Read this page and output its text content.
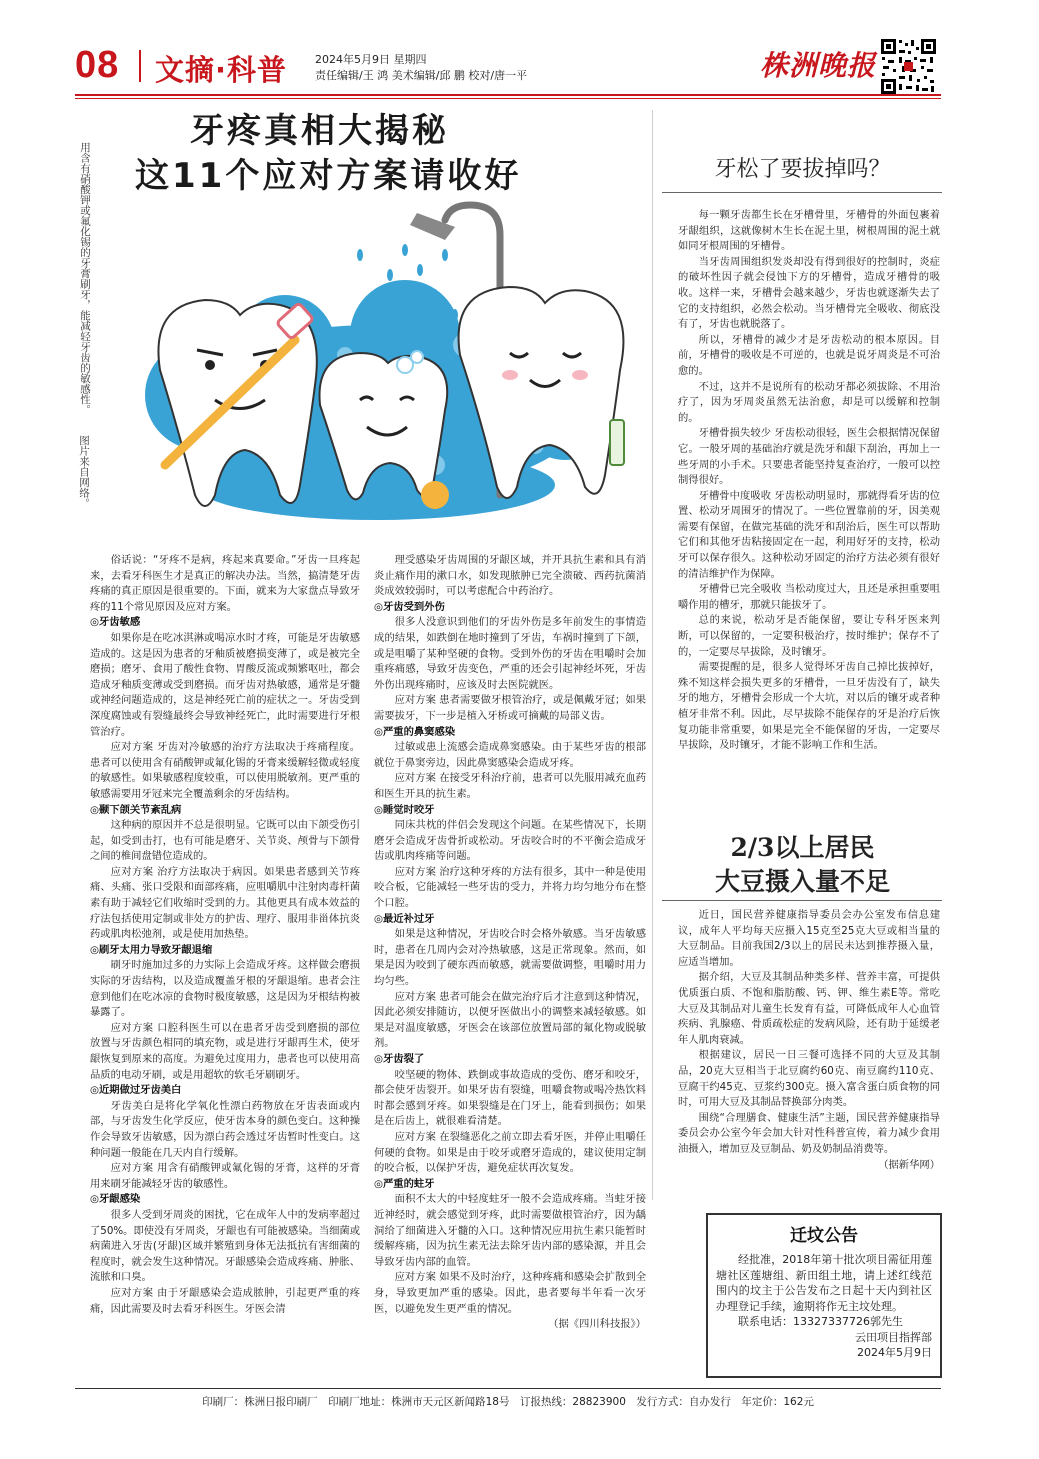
08 文摘·科普	2024年5月9日 星期四
责任编辑/王 鸿 美术编辑/邱 鹏 校对/唐一平	株洲晚报
牙疼真相大揭秘
这11个应对方案请收好
用含有硝酸钾或氟化锡的牙膏刷牙，能减轻牙齿的敏感性。
图片来自网络。

俗话说：“牙疼不是病，疼起来真要命。”牙齿一旦疼起来，去看牙科医生才是真正的解决办法。当然，搞清楚牙齿疼痛的真正原因是很重要的。下面，就来为大家盘点导致牙疼的11个常见原因及应对方案。

◎牙齿敏感

如果你是在吃冰淇淋或喝凉水时才疼，可能是牙齿敏感造成的。这是因为患者的牙釉质被磨损变薄了，或是被完全磨损；磨牙、食用了酸性食物、胃酸反流或频繁呕吐，都会造成牙釉质变薄或受到磨损。而牙齿对热敏感，通常是牙髓或神经问题造成的，这是神经死亡前的症状之一。牙齿受到深度腐蚀或有裂缝最终会导致神经死亡，此时需要进行牙根管治疗。

应对方案 牙齿对冷敏感的治疗方法取决于疼痛程度。患者可以使用含有硝酸钾或氟化锡的牙膏来缓解轻微或轻度的敏感性。如果敏感程度较重，可以使用脱敏剂。更严重的敏感需要用牙冠来完全覆盖剩余的牙齿结构。

◎颞下颌关节紊乱病

这种病的原因并不总是很明显。它既可以由下颌受伤引起，如受到击打，也有可能是磨牙、关节炎、颅骨与下颌骨之间的椎间盘错位造成的。

应对方案 治疗方法取决于病因。如果患者感到关节疼痛、头痛、张口受限和面部疼痛，应咀嚼肌中注射肉毒杆菌素有助于减轻它们收缩时受到的力。其他更具有成本效益的疗法包括使用定制或非处方的护齿、理疗、服用非甾体抗炎药或肌肉松弛剂，或是使用加热垫。

◎刷牙太用力导致牙龈退缩

刷牙时施加过多的力实际上会造成牙疼。这样做会磨损实际的牙齿结构，以及造成覆盖牙根的牙龈退缩。患者会注意到他们在吃冰凉的食物时极度敏感，这是因为牙根结构被暴露了。

应对方案 口腔科医生可以在患者牙齿受到磨损的部位放置与牙齿颜色相同的填充物，或是进行牙龈再生术，使牙龈恢复到原来的高度。为避免过度用力，患者也可以使用高品质的电动牙刷，或是用超软的软毛牙刷刷牙。

◎近期做过牙齿美白

牙齿美白是将化学氧化性漂白药物放在牙齿表面或内部，与牙齿发生化学反应，使牙齿本身的颜色变白。这种操作会导致牙齿敏感，因为漂白药会透过牙齿暂时性变白。这种问题一般能在几天内自行缓解。

应对方案 用含有硝酸钾或氟化锡的牙膏，这样的牙膏用来刷牙能减轻牙齿的敏感性。

◎牙龈感染

很多人受到牙周炎的困扰，它在成年人中的发病率超过了50%。即使没有牙周炎，牙龈也有可能被感染。当细菌或病菌进入牙齿(牙龈)区域并繁殖到身体无法抵抗有害细菌的程度时，就会发生这种情况。牙龈感染会造成疼痛、肿胀、流脓和口臭。

应对方案 由于牙龈感染会造成脓肿，引起更严重的疼痛，因此需要及时去看牙科医生。牙医会清

理受感染牙齿周围的牙龈区域，并开具抗生素和具有消炎止痛作用的漱口水，如发现脓肿已完全溃破、西药抗菌消炎成效较弱时，可以考虑配合中药治疗。

◎牙齿受到外伤

很多人没意识到他们的牙齿外伤是多年前发生的事情造成的结果，如跌倒在地时撞到了牙齿，车祸时撞到了下颌，或是咀嚼了某种坚硬的食物。受到外伤的牙齿在咀嚼时会加重疼痛感，导致牙齿变色，严重的还会引起神经坏死，牙齿外伤出现疼痛时，应该及时去医院就医。

应对方案 患者需要做牙根管治疗，或是佩戴牙冠；如果需要拔牙，下一步是植入牙桥或可摘戴的局部义齿。

◎严重的鼻窦感染

过敏或患上流感会造成鼻窦感染。由于某些牙齿的根部就位于鼻窦旁边，因此鼻窦感染会造成牙疼。

应对方案 在接受牙科治疗前，患者可以先服用减充血药和医生开具的抗生素。

◎睡觉时咬牙

同床共枕的伴侣会发现这个问题。在某些情况下，长期磨牙会造成牙齿骨折或松动。牙齿咬合时的不平衡会造成牙齿或肌肉疼痛等问题。

应对方案 治疗这种牙疼的方法有很多，其中一种是使用咬合板，它能减轻一些牙齿的受力，并将力均匀地分布在整个口腔。

◎最近补过牙

如果是这种情况，牙齿咬合时会格外敏感。当牙齿敏感时，患者在几周内会对冷热敏感，这是正常现象。然而，如果是因为咬到了硬东西而敏感，就需要做调整，咀嚼时用力均匀些。

应对方案 患者可能会在做完治疗后才注意到这种情况，因此必须安排随访，以便牙医做出小的调整来减轻敏感。如果是对温度敏感，牙医会在该部位放置局部的氟化物或脱敏剂。

◎牙齿裂了

咬坚硬的物体、跌倒或事故造成的受伤、磨牙和咬牙，都会使牙齿裂开。如果牙齿有裂缝，咀嚼食物或喝冷热饮料时都会感到牙疼。如果裂缝是在门牙上，能看到损伤；如果是在后齿上，就很难看清楚。

应对方案 在裂缝恶化之前立即去看牙医，并停止咀嚼任何硬的食物。如果是由于咬牙或磨牙造成的，建议使用定制的咬合板，以保护牙齿，避免症状再次复发。

◎严重的蛀牙

面积不太大的中轻度蛀牙一般不会造成疼痛。当蛀牙接近神经时，就会感觉到牙疼，此时需要做根管治疗，因为龋洞给了细菌进入牙髓的入口。这种情况应用抗生素只能暂时缓解疼痛，因为抗生素无法去除牙齿内部的感染源，并且会导致牙齿内部的血管。

应对方案 如果不及时治疗，这种疼痛和感染会扩散到全身，导致更加严重的感染。因此，患者要每半年看一次牙医，以避免发生更严重的情况。

（据《四川科技报》）

牙松了要拔掉吗？

每一颗牙齿都生长在牙槽骨里，牙槽骨的外面包裹着牙龈组织，这就像树木生长在泥土里，树根周围的泥土就如同牙根周围的牙槽骨。

当牙齿周围组织发炎却没有得到很好的控制时，炎症的破坏性因子就会侵蚀下方的牙槽骨，造成牙槽骨的吸收。这样一来，牙槽骨会越来越少，牙齿也就逐渐失去了它的支持组织，必然会松动。当牙槽骨完全吸收、彻底没有了，牙齿也就脱落了。

所以，牙槽骨的减少才是牙齿松动的根本原因。目前，牙槽骨的吸收是不可逆的，也就是说牙周炎是不可治愈的。

不过，这并不是说所有的松动牙都必须拔除、不用治疗了，因为牙周炎虽然无法治愈，却是可以缓解和控制的。

牙槽骨损失较少 牙齿松动很轻，医生会根据情况保留它。一般牙周的基础治疗就是洗牙和龈下刮治，再加上一些牙周的小手术。只要患者能坚持复查治疗，一般可以控制得很好。

牙槽骨中度吸收 牙齿松动明显时，那就得看牙齿的位置、松动牙周围牙的情况了。一些位置靠前的牙，因美观需要有保留，在做完基础的洗牙和刮治后，医生可以帮助它们和其他牙齿粘接固定在一起，利用好牙的支持，松动牙可以保存很久。这种松动牙固定的治疗方法必须有很好的清洁维护作为保障。

牙槽骨已完全吸收 当松动度过大，且还是承担重要咀嚼作用的槽牙，那就只能拔牙了。

总的来说，松动牙是否能保留，要让专科牙医来判断，可以保留的，一定要积极治疗，按时维护；保存不了的，一定要尽早拔除，及时镶牙。

需要提醒的是，很多人觉得坏牙齿自己掉比拔掉好，殊不知这样会损失更多的牙槽骨，一旦牙齿没有了，缺失牙的地方，牙槽骨会形成一个大坑，对以后的镶牙或者种植牙非常不利。因此，尽早拔除不能保存的牙是治疗后恢复功能非常重要，如果是完全不能保留的牙齿，一定要尽早拔除，及时镶牙，才能不影响工作和生活。

2/3以上居民
大豆摄入量不足

近日，国民营养健康指导委员会办公室发布信息建议，成年人平均每天应摄入15克至25克大豆或相当量的大豆制品。目前我国2/3以上的居民未达到推荐摄入量，应适当增加。

据介绍，大豆及其制品种类多样、营养丰富，可提供优质蛋白质、不饱和脂肪酸、钙、钾、维生素E等。常吃大豆及其制品对儿童生长发育有益，可降低成年人心血管疾病、乳腺癌、骨质疏松症的发病风险，还有助于延缓老年人肌肉衰减。

根据建议，居民一日三餐可选择不同的大豆及其制品，20克大豆相当于北豆腐约60克、南豆腐约110克、豆腐干约45克、豆浆约300克。摄入富含蛋白质食物的同时，可用大豆及其制品替换部分肉类。

围绕“合理膳食、健康生活”主题，国民营养健康指导委员会办公室今年会加大针对性科普宣传，着力减少食用油摄入，增加豆及豆制品、奶及奶制品消费等。

（据新华网）

迁坟公告
经批准，2018年第十批次项目需征用莲塘社区莲塘组、新田组土地，请上述红线范围内的坟主于公告发布之日起十天内到社区办理登记手续，逾期将作无主坟处理。
联系电话：13327337726郭先生
云田项目指挥部
2024年5月9日
印刷厂：株洲日报印刷厂　印刷厂地址：株洲市天元区新闻路18号　订报热线：28823900　发行方式：自办发行　年定价：162元
